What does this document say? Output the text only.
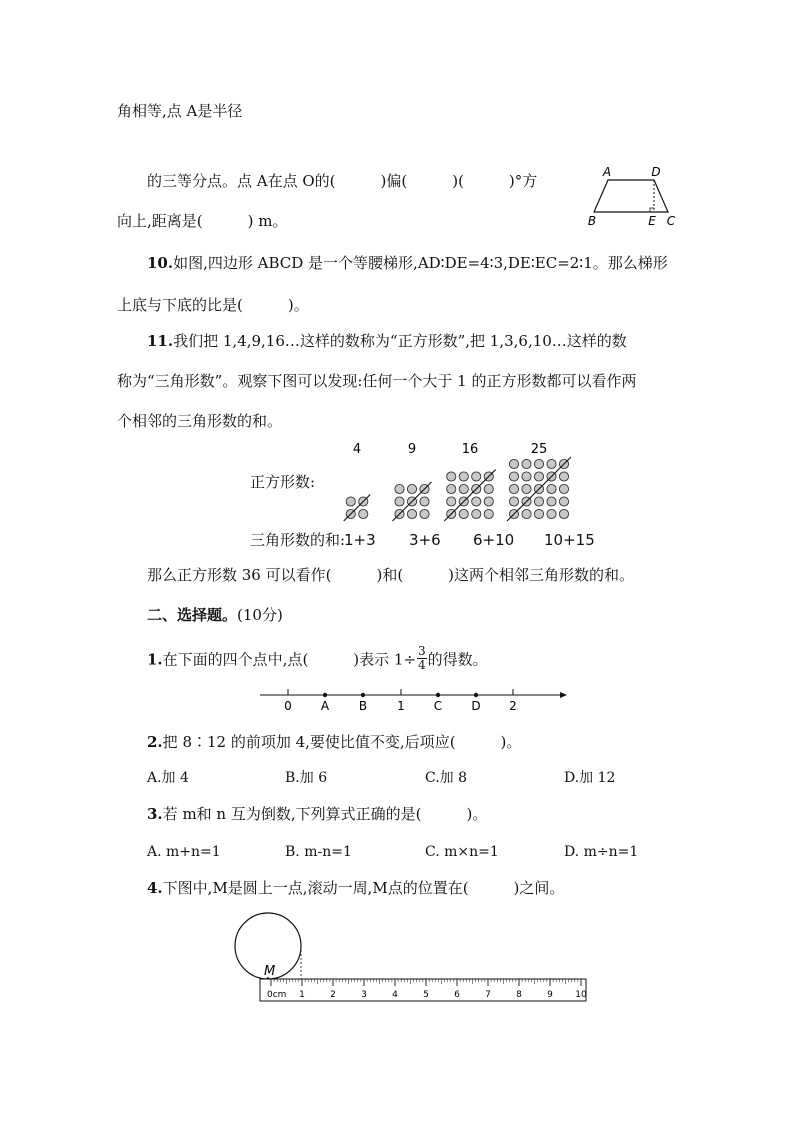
角相等,点 A是半径
的三等分点。点 A在点 O的(　　　)偏(　　　)(　　　)°方
向上,距离是(　　　) m。
A	D
B	E C
10.如图,四边形 ABCD 是一个等腰梯形,AD∶DE=4∶3,DE∶EC=2∶1。那么梯形
上底与下底的比是(　　　)。
11.我们把 1,4,9,16…这样的数称为“正方形数”,把 1,3,6,10…这样的数
称为“三角形数”。观察下图可以发现:任何一个大于 1 的正方形数都可以看作两
个相邻的三角形数的和。
正方形数:
4	9	16	25
三角形数的和:
1+3 3+6 6+10 10+15
那么正方形数 36 可以看作(　　　)和(　　　)这两个相邻三角形数的和。
二、选择题。(10分)
1.在下面的四个点中,点(　　　)表示 $1\div \frac{3}{4}$ 的得数。
0 A B	1 C D 2
2.把 8∶12 的前项加 4,要使比值不变,后项应(　　　)。
A.加 4	B.加 6	C.加 8	D.加 12
3.若 m和 n 互为倒数,下列算式正确的是(　　　)。
A. m+n=1	B. m-n=1	C. m×n=1	D. m÷n=1
4.下图中,M是圆上一点,滚动一周,M点的位置在(　　　)之间。
M
0cm 1	2	3	4	5	6	7	8	9 10
